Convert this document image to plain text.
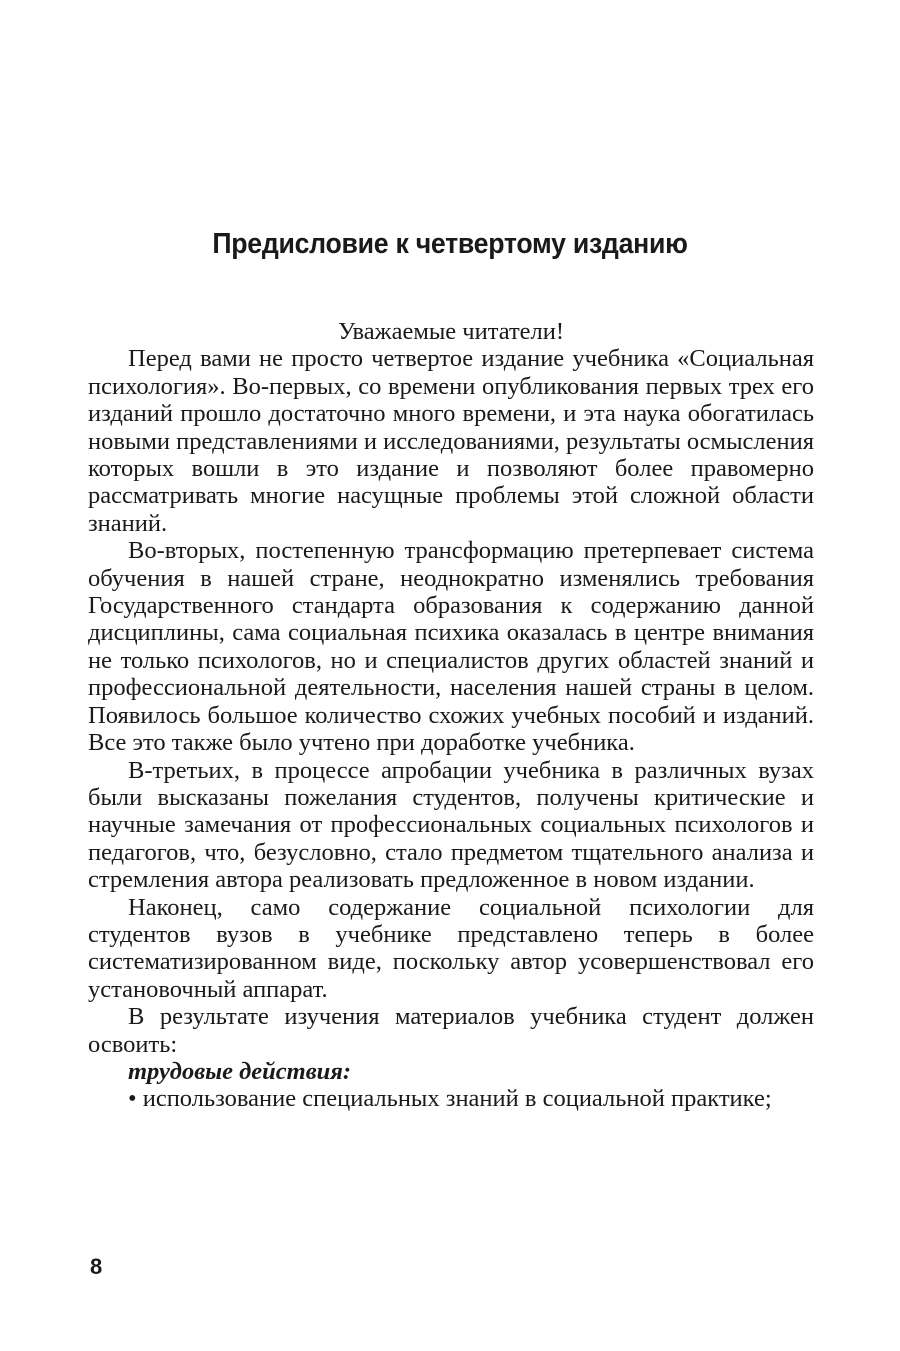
Предисловие к четвертому изданию

Уважаемые читатели!

Перед вами не просто четвертое издание учебника «Социальная психология». Во-первых, со времени опубликования первых трех его изданий прошло достаточно много времени, и эта наука обогатилась новыми представлениями и исследованиями, результаты осмысления которых вошли в это издание и позволяют более правомерно рассматривать многие насущные проблемы этой сложной области знаний.

Во-вторых, постепенную трансформацию претерпевает система обучения в нашей стране, неоднократно изменялись требования Государственного стандарта образования к содержанию данной дисциплины, сама социальная психика оказалась в центре внимания не только психологов, но и специалистов других областей знаний и профессиональной деятельности, населения нашей страны в целом. Появилось большое количество схожих учебных пособий и изданий. Все это также было учтено при доработке учебника.

В-третьих, в процессе апробации учебника в различных вузах были высказаны пожелания студентов, получены критические и научные замечания от профессиональных социальных психологов и педагогов, что, безусловно, стало предметом тщательного анализа и стремления автора реализовать предложенное в новом издании.

Наконец, само содержание социальной психологии для студентов вузов в учебнике представлено теперь в более систематизированном виде, поскольку автор усовершенствовал его установочный аппарат.

В результате изучения материалов учебника студент должен освоить:

трудовые действия:

• использование специальных знаний в социальной практике;

8
